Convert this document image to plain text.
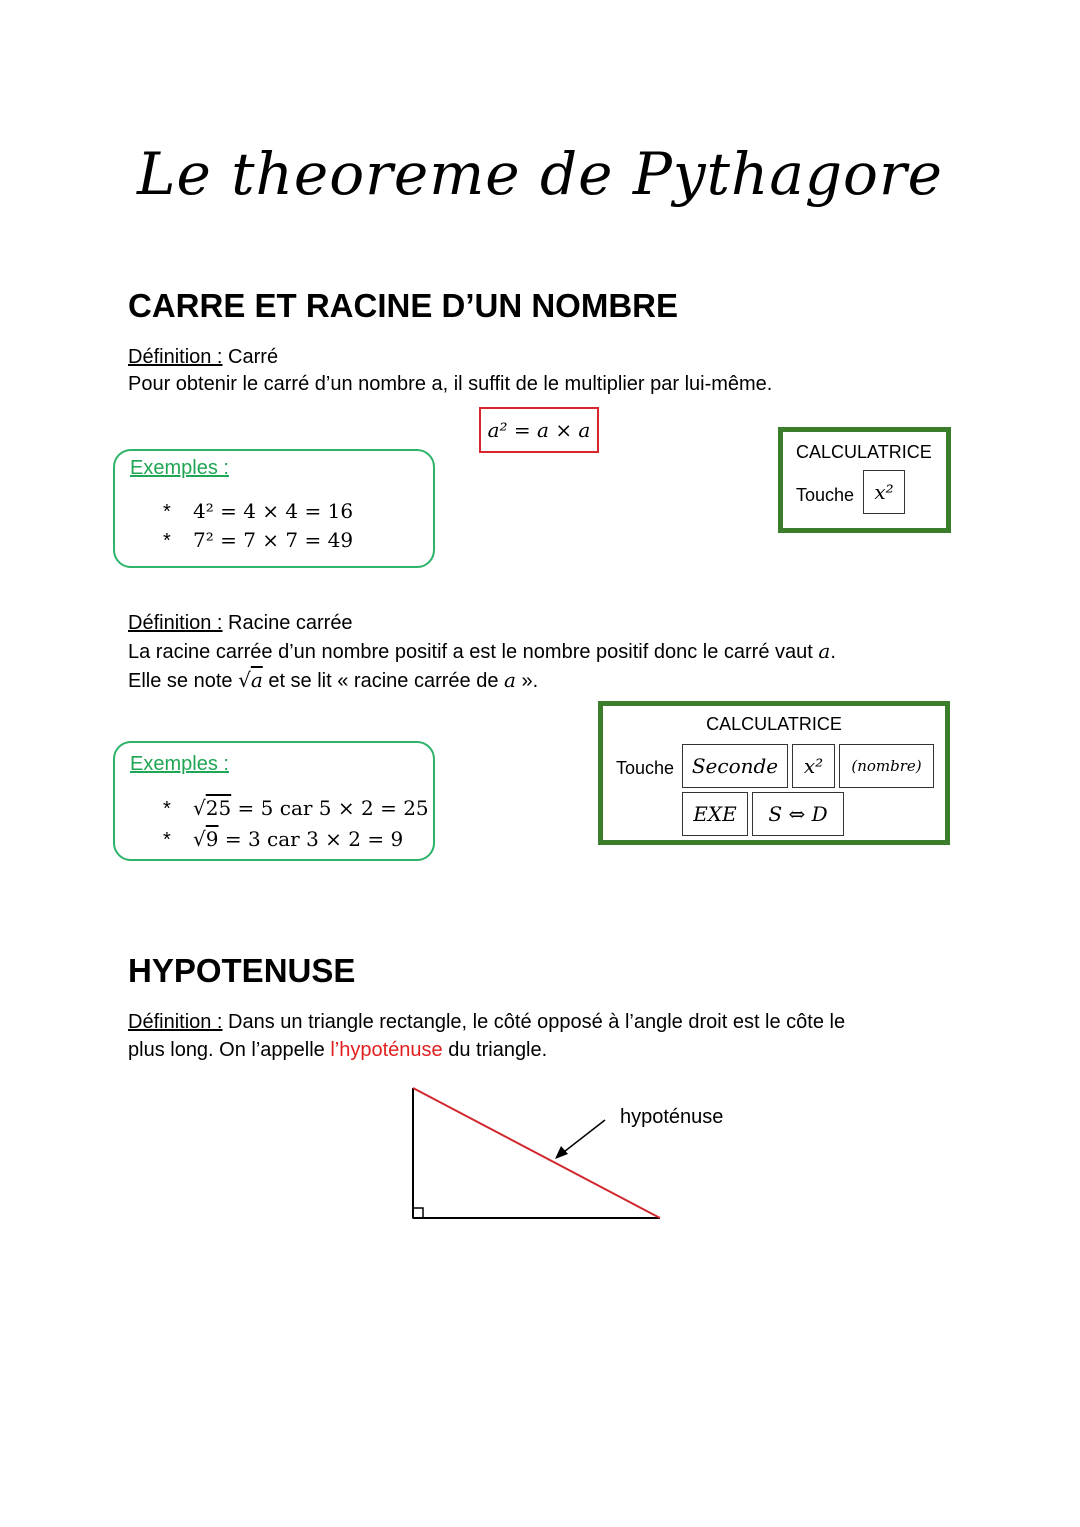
Le theoreme de Pythagore
CARRE ET RACINE D’UN NOMBRE
Définition : Carré
Pour obtenir le carré d’un nombre a, il suffit de le multiplier par lui-même.
a² = a × a
Exemples :
* 4² = 4 × 4 = 16
* 7² = 7 × 7 = 49
CALCULATRICE
Touche	x²
Définition : Racine carrée
La racine carrée d’un nombre positif a est le nombre positif donc le carré vaut a.
Elle se note √a et se lit « racine carrée de a ».
Exemples :
* √25 = 5 car 5 × 2 = 25
* √9 = 3 car 3 × 2 = 9
CALCULATRICE
Touche Seconde	x²	(nombre)
EXE	S ⇔ D
HYPOTENUSE
Définition : Dans un triangle rectangle, le côté opposé à l’angle droit est le côte le
plus long. On l’appelle l’hypoténuse du triangle.
hypoténuse
